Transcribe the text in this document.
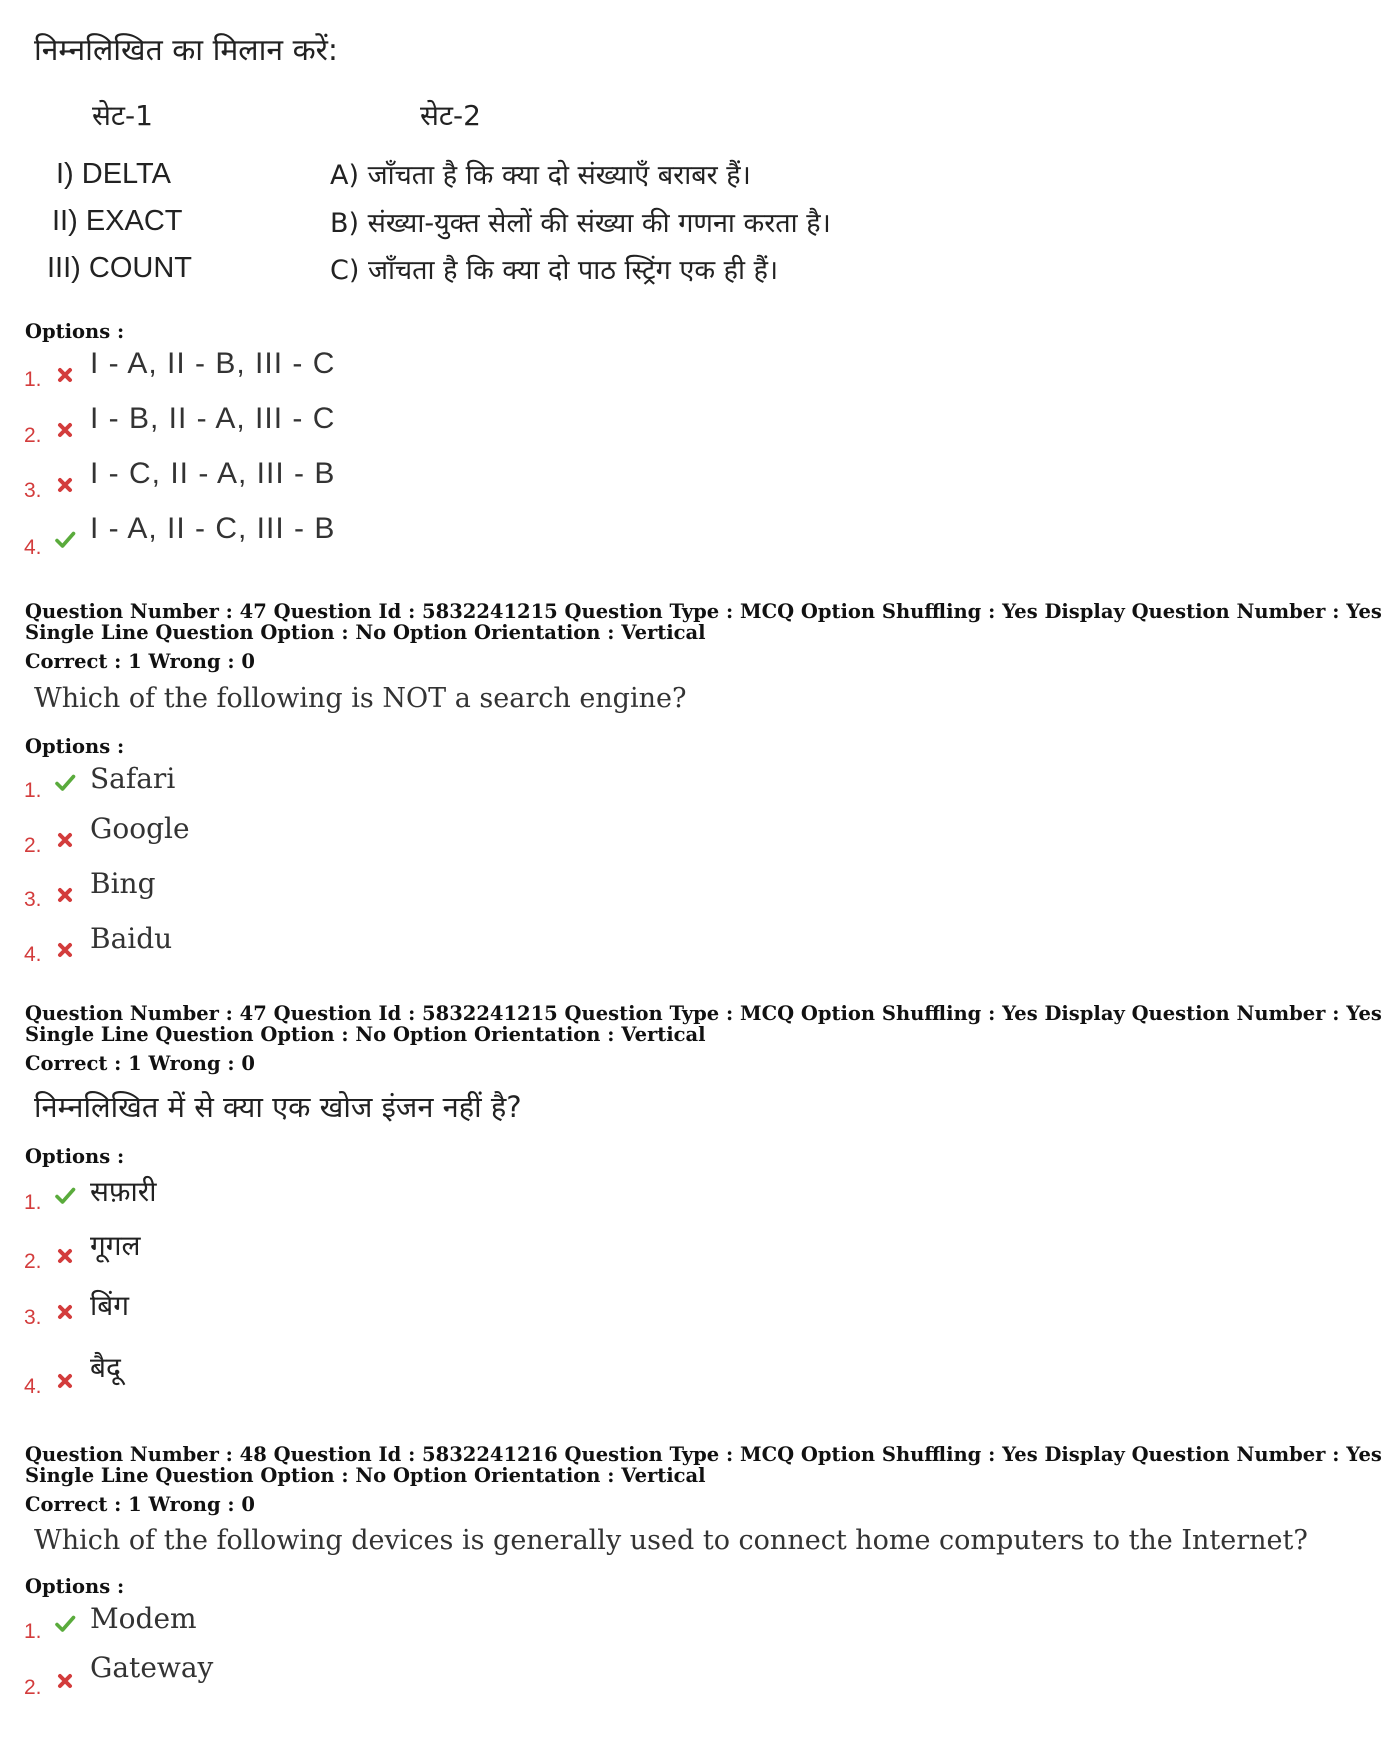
निम्नलिखित का मिलान करें:
सेट-1	सेट-2
I) DELTA
II) EXACT
III) COUNT
A) जाँचता है कि क्या दो संख्याएँ बराबर हैं।
B) संख्या-युक्त सेलों की संख्या की गणना करता है।
C) जाँचता है कि क्या दो पाठ स्ट्रिंग एक ही हैं।
Options :
1. I - A, II - B, III - C
2.
I - B, II - A, III - C
3.
I - C, II - A, III - B
4.
I - A, II - C, III - B
Question Number : 47 Question Id : 5832241215 Question Type : MCQ Option Shuffling : Yes Display Question Number : Yes
Single Line Question Option : No Option Orientation : Vertical
Correct : 1 Wrong : 0
Which of the following is NOT a search engine?
Options :
1. Safari
2.
Google
3. Bing
4. Baidu
Question Number : 47 Question Id : 5832241215 Question Type : MCQ Option Shuffling : Yes Display Question Number : Yes
Single Line Question Option : No Option Orientation : Vertical
Correct : 1 Wrong : 0
निम्नलिखित में से क्या एक खोज इंजन नहीं है?
Options :
1. सफ़ारी
2. गूगल
3. बिंग
4.
बैदू
Question Number : 48 Question Id : 5832241216 Question Type : MCQ Option Shuffling : Yes Display Question Number : Yes
Single Line Question Option : No Option Orientation : Vertical
Correct : 1 Wrong : 0
Which of the following devices is generally used to connect home computers to the Internet?
Options :
1. Modem
2.
Gateway
